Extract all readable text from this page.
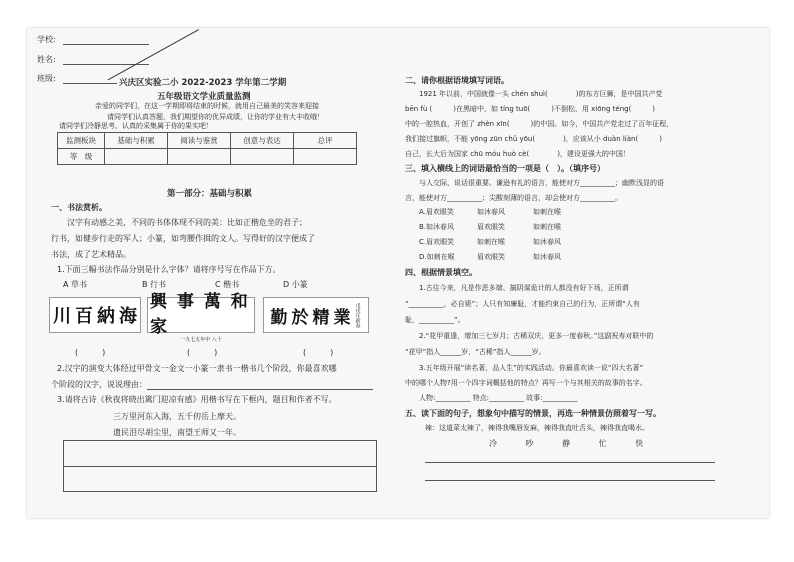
学校:
姓名:
班级:	兴庆区实验二小 2022-2023 学年第二学期
五年级语文学业质量监测
亲爱的同学们，在这一学期即将结束的时候，就用自己最美的笑容来迎接
请同学们认真答题，我们期望你的优异成绩，让你的学业有大丰收哦！
请同学们冷静思考、认真的采集属于你的果实吧！
监测板块	基础与积累	阅读与鉴赏	创意与表达	总评
等　级				
第一部分：基础与积累
一、书法赏析。
汉字有动感之美，不同的书体体现不同的美：比如正楷危坐的君子；
行书，如健步行走的军人；小篆，如弯腰作揖的文人。写得好的汉字便成了
书法，成了艺术精品。
1.下面三幅书法作品分别是什么字体？请将序号写在作品下方。
A 草书	B 行书	C 楷书	D 小篆
川 百 納 海
興 事 萬 和 家
一九七五年中 八十
勤 於 精 業 戊戌年新春
(　　　)	(　　　)	(　　　)
2.汉字的演变大体经过甲骨文一金文一小篆一隶书一楷书几个阶段，你最喜欢哪
个阶段的汉字，说说理由：
3.请将古诗《秋夜将晓出篱门迎凉有感》用楷书写在下框内，题目和作者不写。
三万里河东入海，五千仞岳上摩天。
遗民泪尽胡尘里，南望王师又一年。
二、请你根据语境填写词语。
1921 年以前，中国就像一头 chén shuì(　　　　)的东方巨狮，是中国共产党
bēn fù (　　　)在黑暗中，如 tíng tuō(　　　)不倒松，用 xiōng téng(　　　)
中的一腔热血，开创了 zhèn xīn(　　　)的中国。如今，中国共产党走过了百年征程，
我们接过旗帜，不能 yōng zūn chǔ yōu(　　　　)，应该从小 duàn liàn(　　　)
自己，长大后为国家 chū móu huò cè(　　　　)，建设更强大的中国！
三、填入横线上的词语最恰当的一项是（　）。（填序号）
与人交际，说话很重要。谦逊有礼的语言，能使对方__________；幽默浅显的语
言，能使对方__________；尖酸刻薄的语言，却会使对方__________。
A.眉欢眼笑	如沐春风	如刺在喉
B.如沐春风	眉欢眼笑	如刺在喉
C.眉欢眼笑	如刺在喉	如沐春风
D.如刺在喉	眉欢眼笑	如沐春风
四、根据情景填空。
1.古往今来，凡是作恶多端、搞阴谋诡计的人都没有好下场，正所谓
“__________，必自毙”；人只有知廉耻，才能约束自己的行为，正所谓“人有
耻，__________”。
2.“花甲重逢，增加三七岁月；古稀双庆，更多一度春秋。”这副祝寿对联中的
“花甲”指人______岁，“古稀”指人______岁。
3.五年级开展“读名著，品人生”的实践活动。你最喜欢读一说“四大名著”
中的哪个人物?用一个四字词概括他的特点？再写一个与其相关的故事的名字。
人物:__________ 特点:__________ 故事:__________
五、读下面的句子，想象句中描写的情景，再选一种情景仿照着写一写。
辣：这道菜太辣了，辣得我嘴唇发麻，辣得我直吐舌头，辣得我直喝水。
冷	吵	静	忙	快
